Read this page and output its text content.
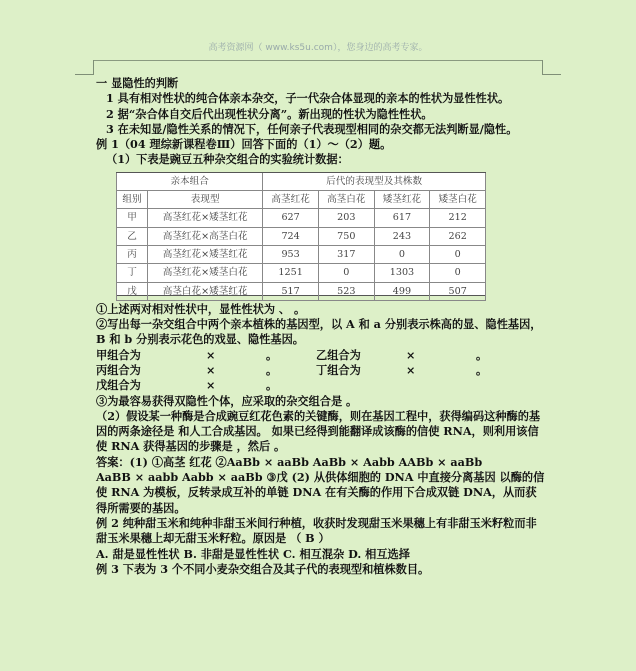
高考资源网（ www.ks5u.com），您身边的高考专家。

一 显隐性的判断

1 具有相对性状的纯合体亲本杂交，子一代杂合体显现的亲本的性状为显性性状。

2 据“杂合体自交后代出现性状分离”。新出现的性状为隐性性状。

3 在未知显/隐性关系的情况下，任何亲子代表现型相同的杂交都无法判断显/隐性。

例 1（04 理综新课程卷Ⅲ）回答下面的（1）～（2）题。

（1）下表是豌豆五种杂交组合的实验统计数据：

亲本组合		后代的表现型及其株数			
组别	表现型	高茎红花	高茎白花	矮茎红花	矮茎白花
甲	高茎红花×矮茎红花	627	203	617	212
乙	高茎红花×高茎白花	724	750	243	262
丙	高茎红花×矮茎红花	953	317	0	0
丁	高茎红花×矮茎白花	1251	0	1303	0
戊	高茎白花×矮茎红花	517	523	499	507

①上述两对相对性状中，显性性状为 、 。

②写出每一杂交组合中两个亲本植株的基因型，以 A 和 a 分别表示株高的显、隐性基因，B 和 b 分别表示花色的戏显、隐性基因。

甲组合为	×	。	乙组合为	×	。
丙组合为	×	。	丁组合为	×	。
戊组合为	×	。

③为最容易获得双隐性个体，应采取的杂交组合是 。

（2）假设某一种酶是合成豌豆红花色素的关键酶，则在基因工程中，获得编码这种酶的基因的两条途径是 和人工合成基因。 如果已经得到能翻译成该酶的信使 RNA，则利用该信使 RNA 获得基因的步骤是 ，然后 。

答案：(1) ①高茎 红花 ②AaBb × aaBb AaBb × Aabb AABb × aaBb

AaBB × aabb Aabb × aaBb ③戊 (2) 从供体细胞的 DNA 中直接分离基因 以酶的信使 RNA 为模板，反转录成互补的单链 DNA 在有关酶的作用下合成双链 DNA，从而获得所需要的基因。

例 2 纯种甜玉米和纯种非甜玉米间行种植，收获时发现甜玉米果穗上有非甜玉米籽粒而非甜玉米果穗上却无甜玉米籽粒。原因是 （ B ）

A. 甜是显性性状 B. 非甜是显性性状 C. 相互混杂 D. 相互选择

例 3 下表为 3 个不同小麦杂交组合及其子代的表现型和植株数目。
